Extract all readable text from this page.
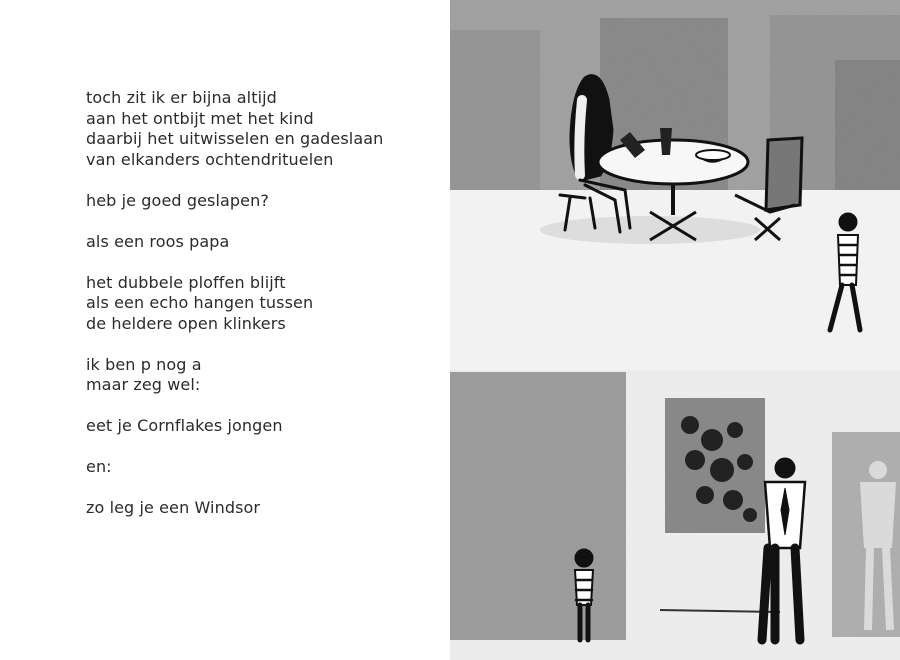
toch zit ik er bijna altijd
aan het ontbijt met het kind
daarbij het uitwisselen en gadeslaan
van elkanders ochtendrituelen
heb je goed geslapen?
als een roos papa
het dubbele ploffen blijft
als een echo hangen tussen
de heldere open klinkers
ik ben p nog a
maar zeg wel:
eet je Cornflakes jongen
en:
zo leg je een Windsor
